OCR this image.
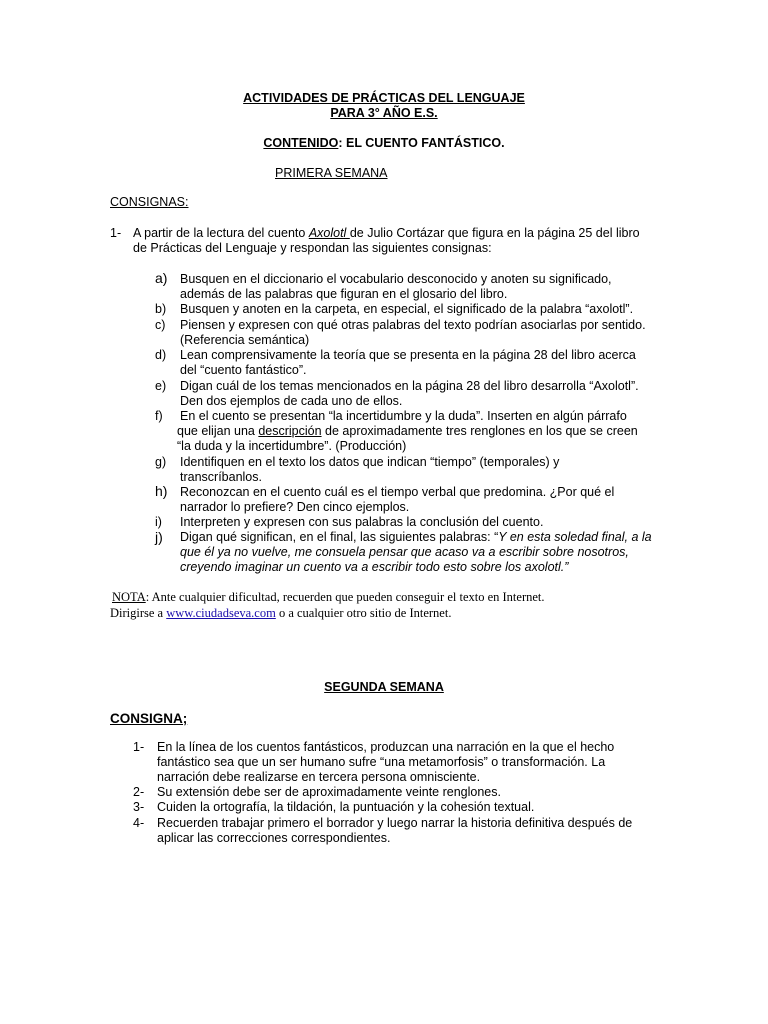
ACTIVIDADES DE PRÁCTICAS DEL LENGUAJE
PARA 3° AÑO E.S.
CONTENIDO: EL CUENTO FANTÁSTICO.
PRIMERA SEMANA
CONSIGNAS:
1- A partir de la lectura del cuento Axolotl de Julio Cortázar que figura en la página 25 del libro
de Prácticas del Lenguaje y respondan las siguientes consignas:
a) Busquen en el diccionario el vocabulario desconocido y anoten su significado,
además de las palabras que figuran en el glosario del libro.
b) Busquen y anoten en la carpeta, en especial, el significado de la palabra “axolotl”.
c) Piensen y expresen con qué otras palabras del texto podrían asociarlas por sentido.
(Referencia semántica)
d) Lean comprensivamente la teoría que se presenta en la página 28 del libro acerca
del “cuento fantástico”.
e) Digan cuál de los temas mencionados en la página 28 del libro desarrolla “Axolotl”.
Den dos ejemplos de cada uno de ellos.
f) En el cuento se presentan “la incertidumbre y la duda”. Inserten en algún párrafo
que elijan una descripción de aproximadamente tres renglones en los que se creen
“la duda y la incertidumbre”. (Producción)
g) Identifiquen en el texto los datos que indican “tiempo” (temporales) y
transcríbanlos.
h) Reconozcan en el cuento cuál es el tiempo verbal que predomina. ¿Por qué el
narrador lo prefiere? Den cinco ejemplos.
i) Interpreten y expresen con sus palabras la conclusión del cuento.
j) Digan qué significan, en el final, las siguientes palabras: “Y en esta soledad final, a la
que él ya no vuelve, me consuela pensar que acaso va a escribir sobre nosotros,
creyendo imaginar un cuento va a escribir todo esto sobre los axolotl.”
NOTA: Ante cualquier dificultad, recuerden que pueden conseguir el texto en Internet.
Dirigirse a www.ciudadseva.com o a cualquier otro sitio de Internet.
SEGUNDA SEMANA
CONSIGNA;
1- En la línea de los cuentos fantásticos, produzcan una narración en la que el hecho
fantástico sea que un ser humano sufre “una metamorfosis” o transformación. La
narración debe realizarse en tercera persona omnisciente.
2- Su extensión debe ser de aproximadamente veinte renglones.
3- Cuiden la ortografía, la tildación, la puntuación y la cohesión textual.
4- Recuerden trabajar primero el borrador y luego narrar la historia definitiva después de
aplicar las correcciones correspondientes.
